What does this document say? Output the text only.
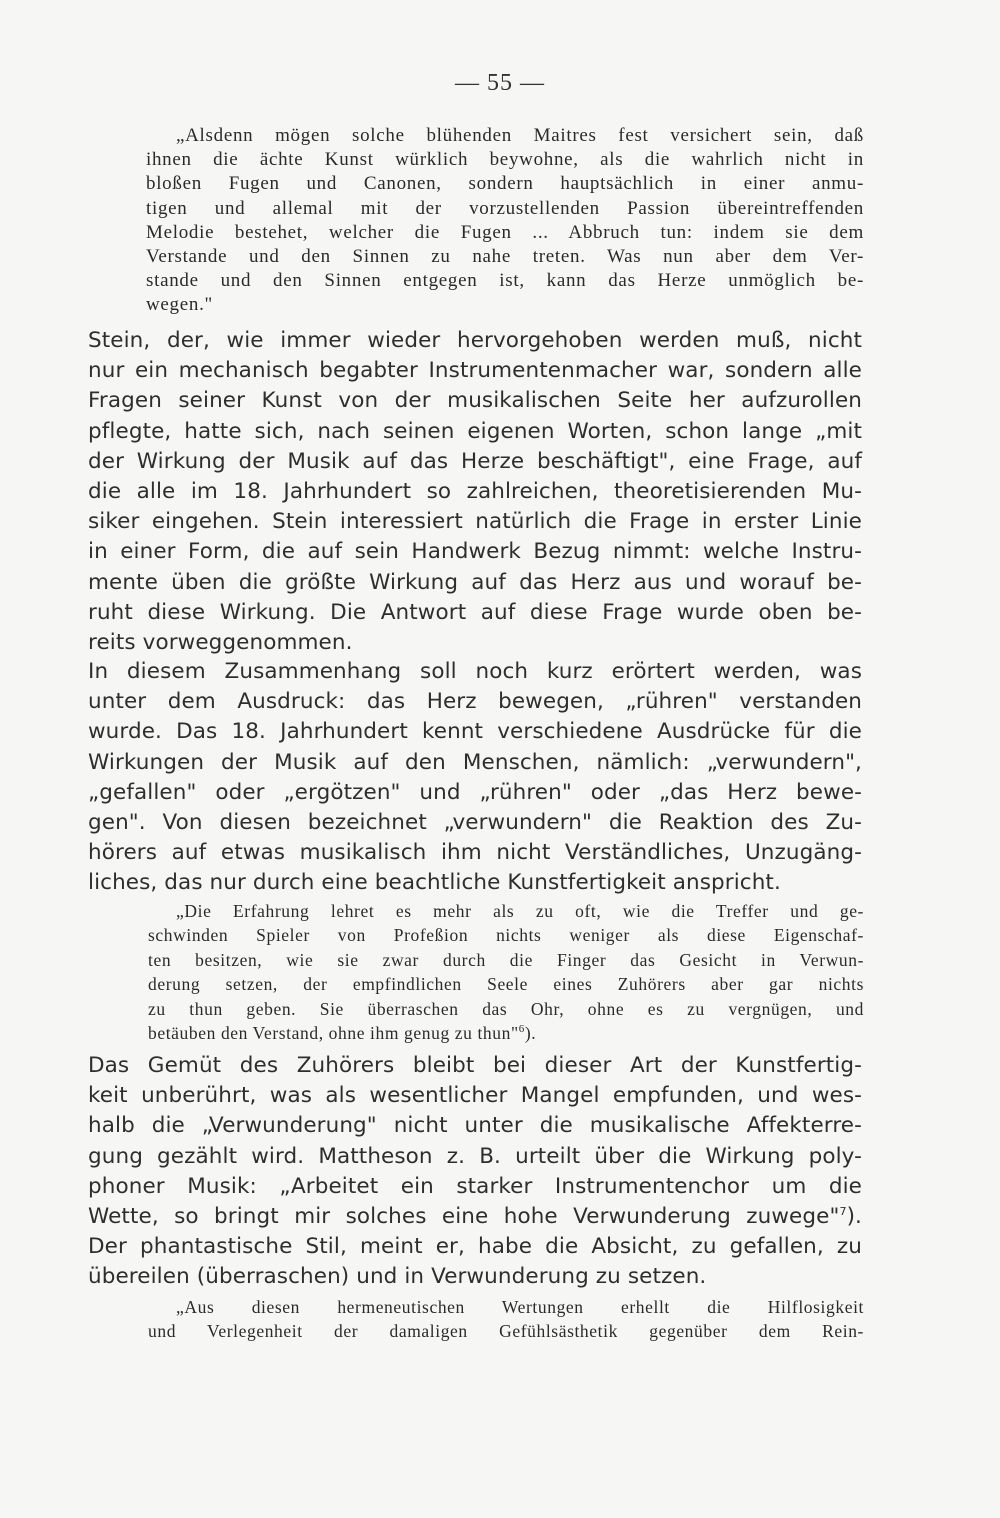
— 55 —
„Alsdenn mögen solche blühenden Maitres fest versichert sein, daß
ihnen die ächte Kunst würklich beywohne, als die wahrlich nicht in
bloßen Fugen und Canonen, sondern hauptsächlich in einer anmu-
tigen und allemal mit der vorzustellenden Passion übereintreffenden
Melodie bestehet, welcher die Fugen ... Abbruch tun: indem sie dem
Verstande und den Sinnen zu nahe treten. Was nun aber dem Ver-
stande und den Sinnen entgegen ist, kann das Herze unmöglich be-
wegen."
Stein, der, wie immer wieder hervorgehoben werden muß, nicht
nur ein mechanisch begabter Instrumentenmacher war, sondern alle
Fragen seiner Kunst von der musikalischen Seite her aufzurollen
pflegte, hatte sich, nach seinen eigenen Worten, schon lange „mit
der Wirkung der Musik auf das Herze beschäftigt", eine Frage, auf
die alle im 18. Jahrhundert so zahlreichen, theoretisierenden Mu-
siker eingehen. Stein interessiert natürlich die Frage in erster Linie
in einer Form, die auf sein Handwerk Bezug nimmt: welche Instru-
mente üben die größte Wirkung auf das Herz aus und worauf be-
ruht diese Wirkung. Die Antwort auf diese Frage wurde oben be-
reits vorweggenommen.
In diesem Zusammenhang soll noch kurz erörtert werden, was
unter dem Ausdruck: das Herz bewegen, „rühren" verstanden
wurde. Das 18. Jahrhundert kennt verschiedene Ausdrücke für die
Wirkungen der Musik auf den Menschen, nämlich: „verwundern",
„gefallen" oder „ergötzen" und „rühren" oder „das Herz bewe-
gen". Von diesen bezeichnet „verwundern" die Reaktion des Zu-
hörers auf etwas musikalisch ihm nicht Verständliches, Unzugäng-
liches, das nur durch eine beachtliche Kunstfertigkeit anspricht.
„Die Erfahrung lehret es mehr als zu oft, wie die Treffer und ge-
schwinden Spieler von Profeßion nichts weniger als diese Eigenschaf-
ten besitzen, wie sie zwar durch die Finger das Gesicht in Verwun-
derung setzen, der empfindlichen Seele eines Zuhörers aber gar nichts
zu thun geben. Sie überraschen das Ohr, ohne es zu vergnügen, und
betäuben den Verstand, ohne ihm genug zu thun"$^6$).
Das Gemüt des Zuhörers bleibt bei dieser Art der Kunstfertig-
keit unberührt, was als wesentlicher Mangel empfunden, und wes-
halb die „Verwunderung" nicht unter die musikalische Affekterre-
gung gezählt wird. Mattheson z. B. urteilt über die Wirkung poly-
phoner Musik: „Arbeitet ein starker Instrumentenchor um die
Wette, so bringt mir solches eine hohe Verwunderung zuwege"$^7$).
Der phantastische Stil, meint er, habe die Absicht, zu gefallen, zu
übereilen (überraschen) und in Verwunderung zu setzen.
„Aus diesen hermeneutischen Wertungen erhellt die Hilflosigkeit
und Verlegenheit der damaligen Gefühlsästhetik gegenüber dem Rein-
